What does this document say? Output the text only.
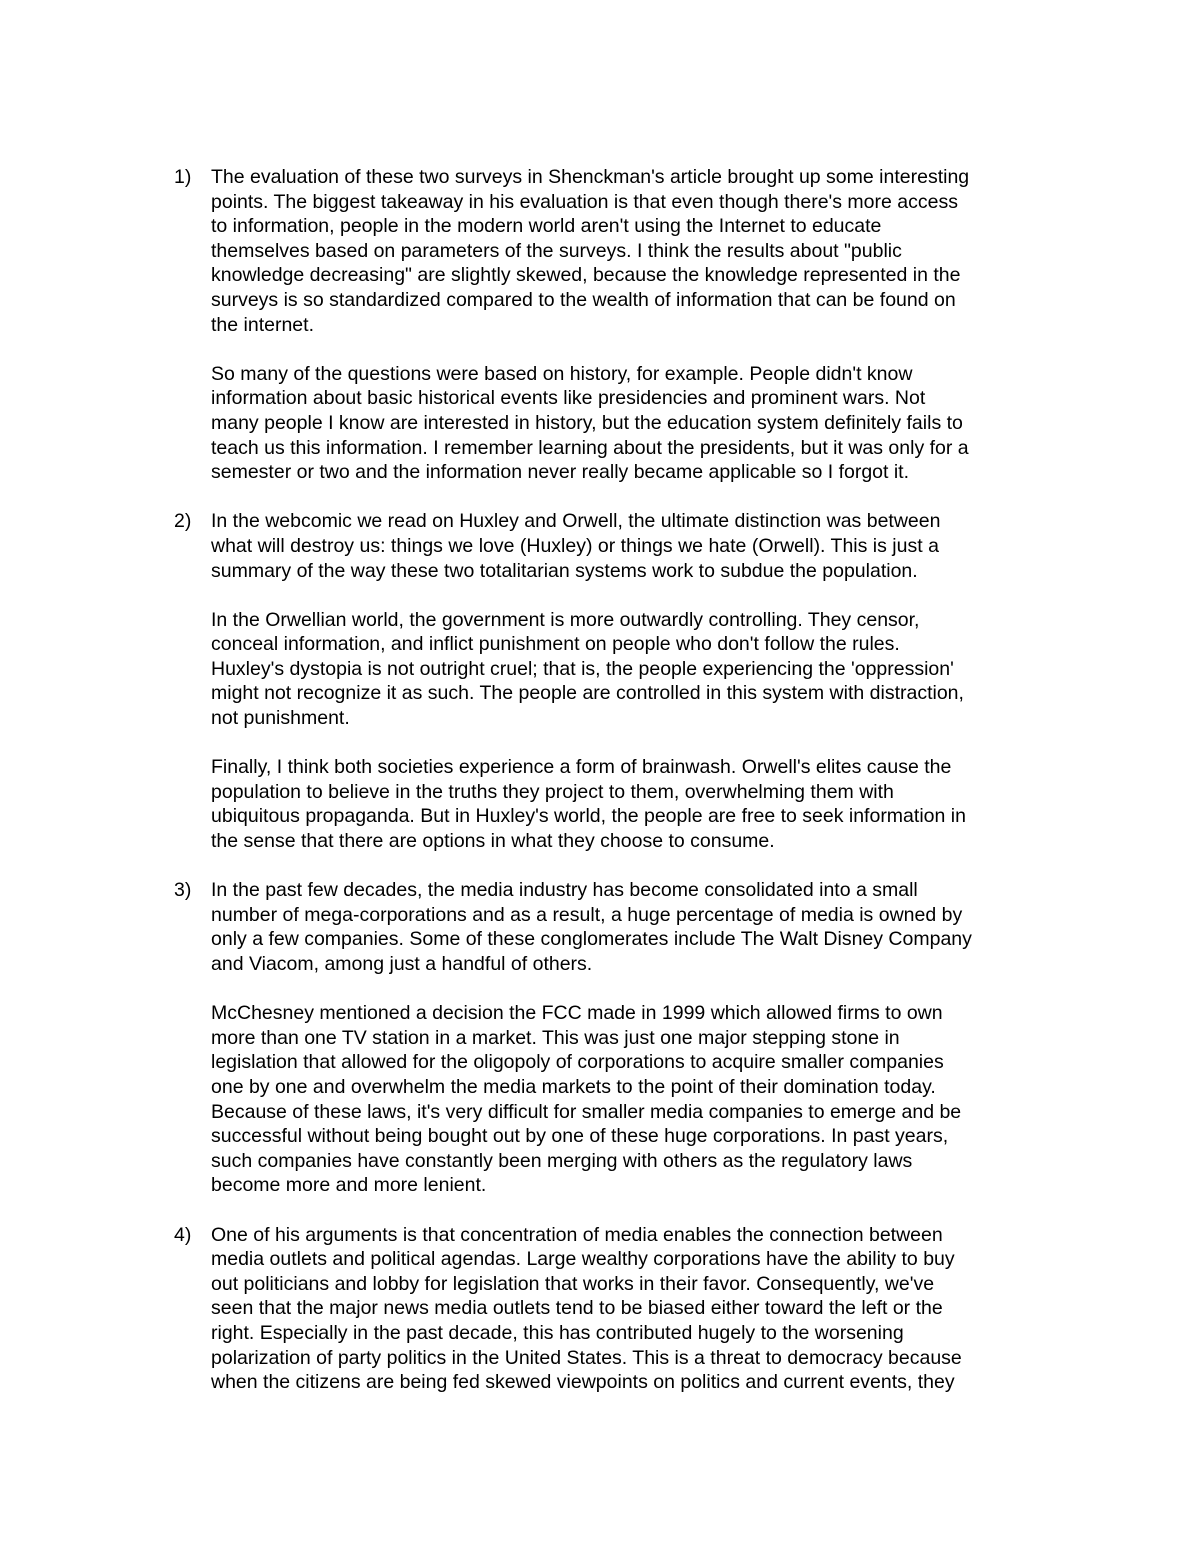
1) The evaluation of these two surveys in Shenckman's article brought up some interesting
points. The biggest takeaway in his evaluation is that even though there's more access
to information, people in the modern world aren't using the Internet to educate
themselves based on parameters of the surveys. I think the results about "public
knowledge decreasing" are slightly skewed, because the knowledge represented in the
surveys is so standardized compared to the wealth of information that can be found on
the internet.
So many of the questions were based on history, for example. People didn't know
information about basic historical events like presidencies and prominent wars. Not
many people I know are interested in history, but the education system definitely fails to
teach us this information. I remember learning about the presidents, but it was only for a
semester or two and the information never really became applicable so I forgot it.
2) In the webcomic we read on Huxley and Orwell, the ultimate distinction was between
what will destroy us: things we love (Huxley) or things we hate (Orwell). This is just a
summary of the way these two totalitarian systems work to subdue the population.
In the Orwellian world, the government is more outwardly controlling. They censor,
conceal information, and inflict punishment on people who don't follow the rules.
Huxley's dystopia is not outright cruel; that is, the people experiencing the 'oppression'
might not recognize it as such. The people are controlled in this system with distraction,
not punishment.
Finally, I think both societies experience a form of brainwash. Orwell's elites cause the
population to believe in the truths they project to them, overwhelming them with
ubiquitous propaganda. But in Huxley's world, the people are free to seek information in
the sense that there are options in what they choose to consume.
3) In the past few decades, the media industry has become consolidated into a small
number of mega-corporations and as a result, a huge percentage of media is owned by
only a few companies. Some of these conglomerates include The Walt Disney Company
and Viacom, among just a handful of others.
McChesney mentioned a decision the FCC made in 1999 which allowed firms to own
more than one TV station in a market. This was just one major stepping stone in
legislation that allowed for the oligopoly of corporations to acquire smaller companies
one by one and overwhelm the media markets to the point of their domination today.
Because of these laws, it's very difficult for smaller media companies to emerge and be
successful without being bought out by one of these huge corporations. In past years,
such companies have constantly been merging with others as the regulatory laws
become more and more lenient.
4) One of his arguments is that concentration of media enables the connection between
media outlets and political agendas. Large wealthy corporations have the ability to buy
out politicians and lobby for legislation that works in their favor. Consequently, we've
seen that the major news media outlets tend to be biased either toward the left or the
right. Especially in the past decade, this has contributed hugely to the worsening
polarization of party politics in the United States. This is a threat to democracy because
when the citizens are being fed skewed viewpoints on politics and current events, they
